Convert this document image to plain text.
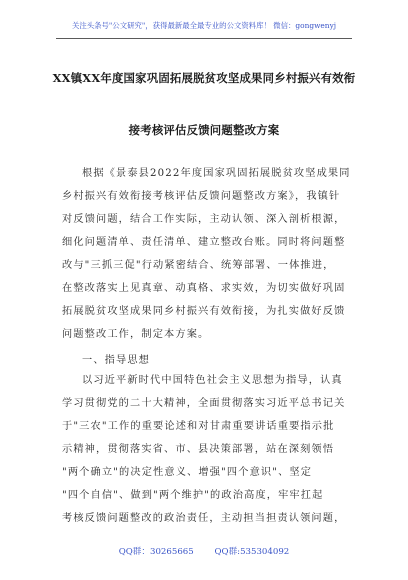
关注头条号"公文研究"，获得最新最全最专业的公文资料库！ 微信：gongwenyj
XX镇XX年度国家巩固拓展脱贫攻坚成果同乡村振兴有效衔
接考核评估反馈问题整改方案
根据《景泰县2022年度国家巩固拓展脱贫攻坚成果同
乡村振兴有效衔接考核评估反馈问题整改方案》，我镇针
对反馈问题，结合工作实际，主动认领、深入剖析根源，
细化问题清单、责任清单、建立整改台账。同时将问题整
改与"三抓三促"行动紧密结合、统筹部署、一体推进，
在整改落实上见真章、动真格、求实效，为切实做好巩固
拓展脱贫攻坚成果同乡村振兴有效衔接，为扎实做好反馈
问题整改工作，制定本方案。
一、指导思想
以习近平新时代中国特色社会主义思想为指导，认真
学习贯彻党的二十大精神，全面贯彻落实习近平总书记关
于"三农"工作的重要论述和对甘肃重要讲话重要指示批
示精神，贯彻落实省、市、县决策部署，站在深刻领悟
"两个确立"的决定性意义、增强"四个意识"、坚定
"四个自信"、做到"两个维护"的政治高度，牢牢扛起
考核反馈问题整改的政治责任，主动担当担责认领问题，
QQ群：30265665 QQ群:535304092
